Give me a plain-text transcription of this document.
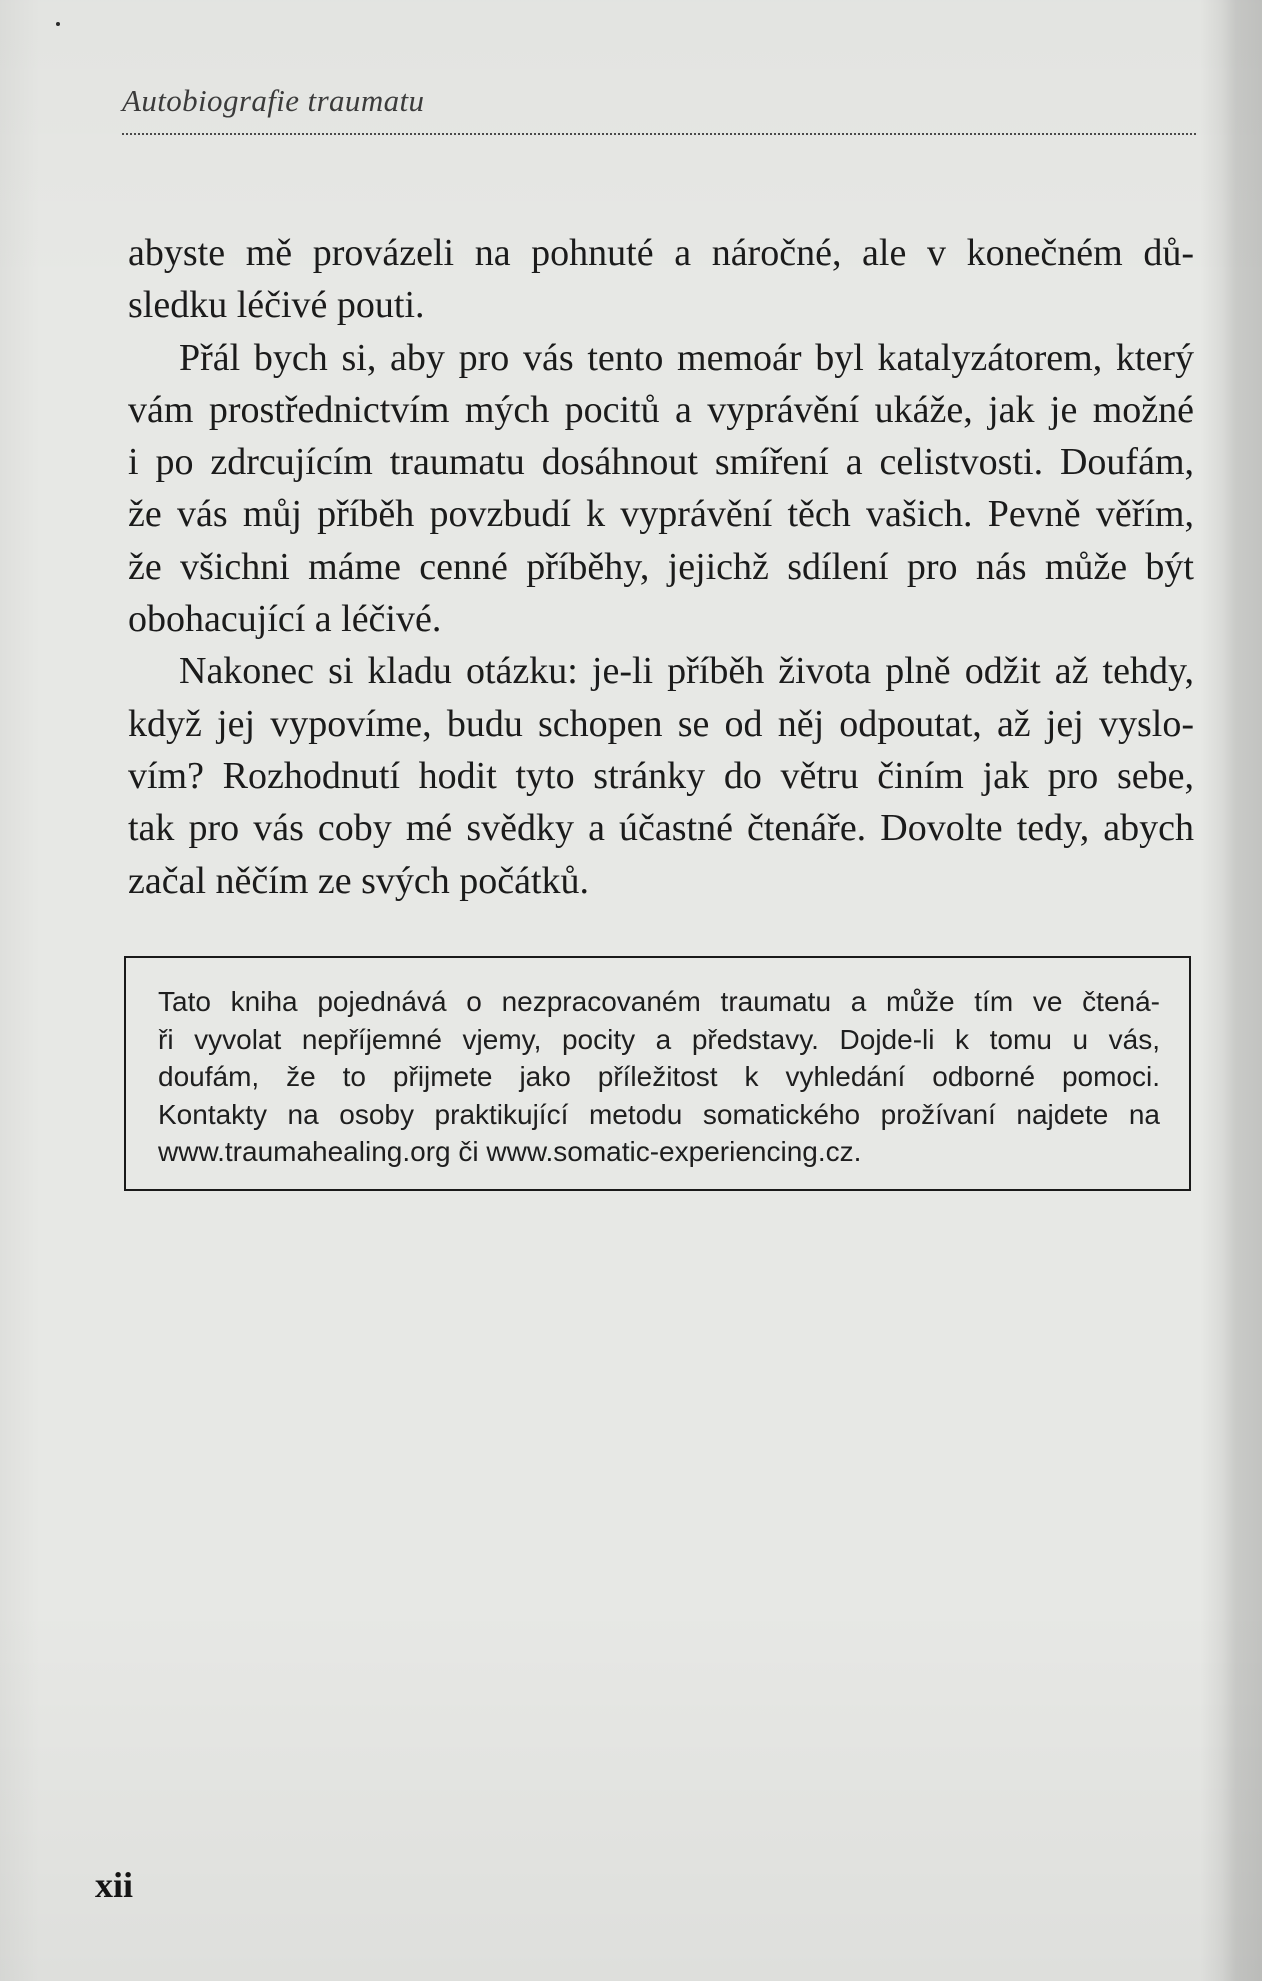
Autobiografie traumatu
abyste mě provázeli na pohnuté a náročné, ale v konečném dů-
sledku léčivé pouti.
Přál bych si, aby pro vás tento memoár byl katalyzátorem, který
vám prostřednictvím mých pocitů a vyprávění ukáže, jak je možné
i po zdrcujícím traumatu dosáhnout smíření a celistvosti. Doufám,
že vás můj příběh povzbudí k vyprávění těch vašich. Pevně věřím,
že všichni máme cenné příběhy, jejichž sdílení pro nás může být
obohacující a léčivé.
Nakonec si kladu otázku: je-li příběh života plně odžit až tehdy,
když jej vypovíme, budu schopen se od něj odpoutat, až jej vyslo-
vím? Rozhodnutí hodit tyto stránky do větru činím jak pro sebe,
tak pro vás coby mé svědky a účastné čtenáře. Dovolte tedy, abych
začal něčím ze svých počátků.
Tato kniha pojednává o nezpracovaném traumatu a může tím ve čtená-
ři vyvolat nepříjemné vjemy, pocity a představy. Dojde-li k tomu u vás,
doufám, že to přijmete jako příležitost k vyhledání odborné pomoci.
Kontakty na osoby praktikující metodu somatického prožívaní najdete na
www.traumahealing.org či www.somatic-experiencing.cz.
xii
